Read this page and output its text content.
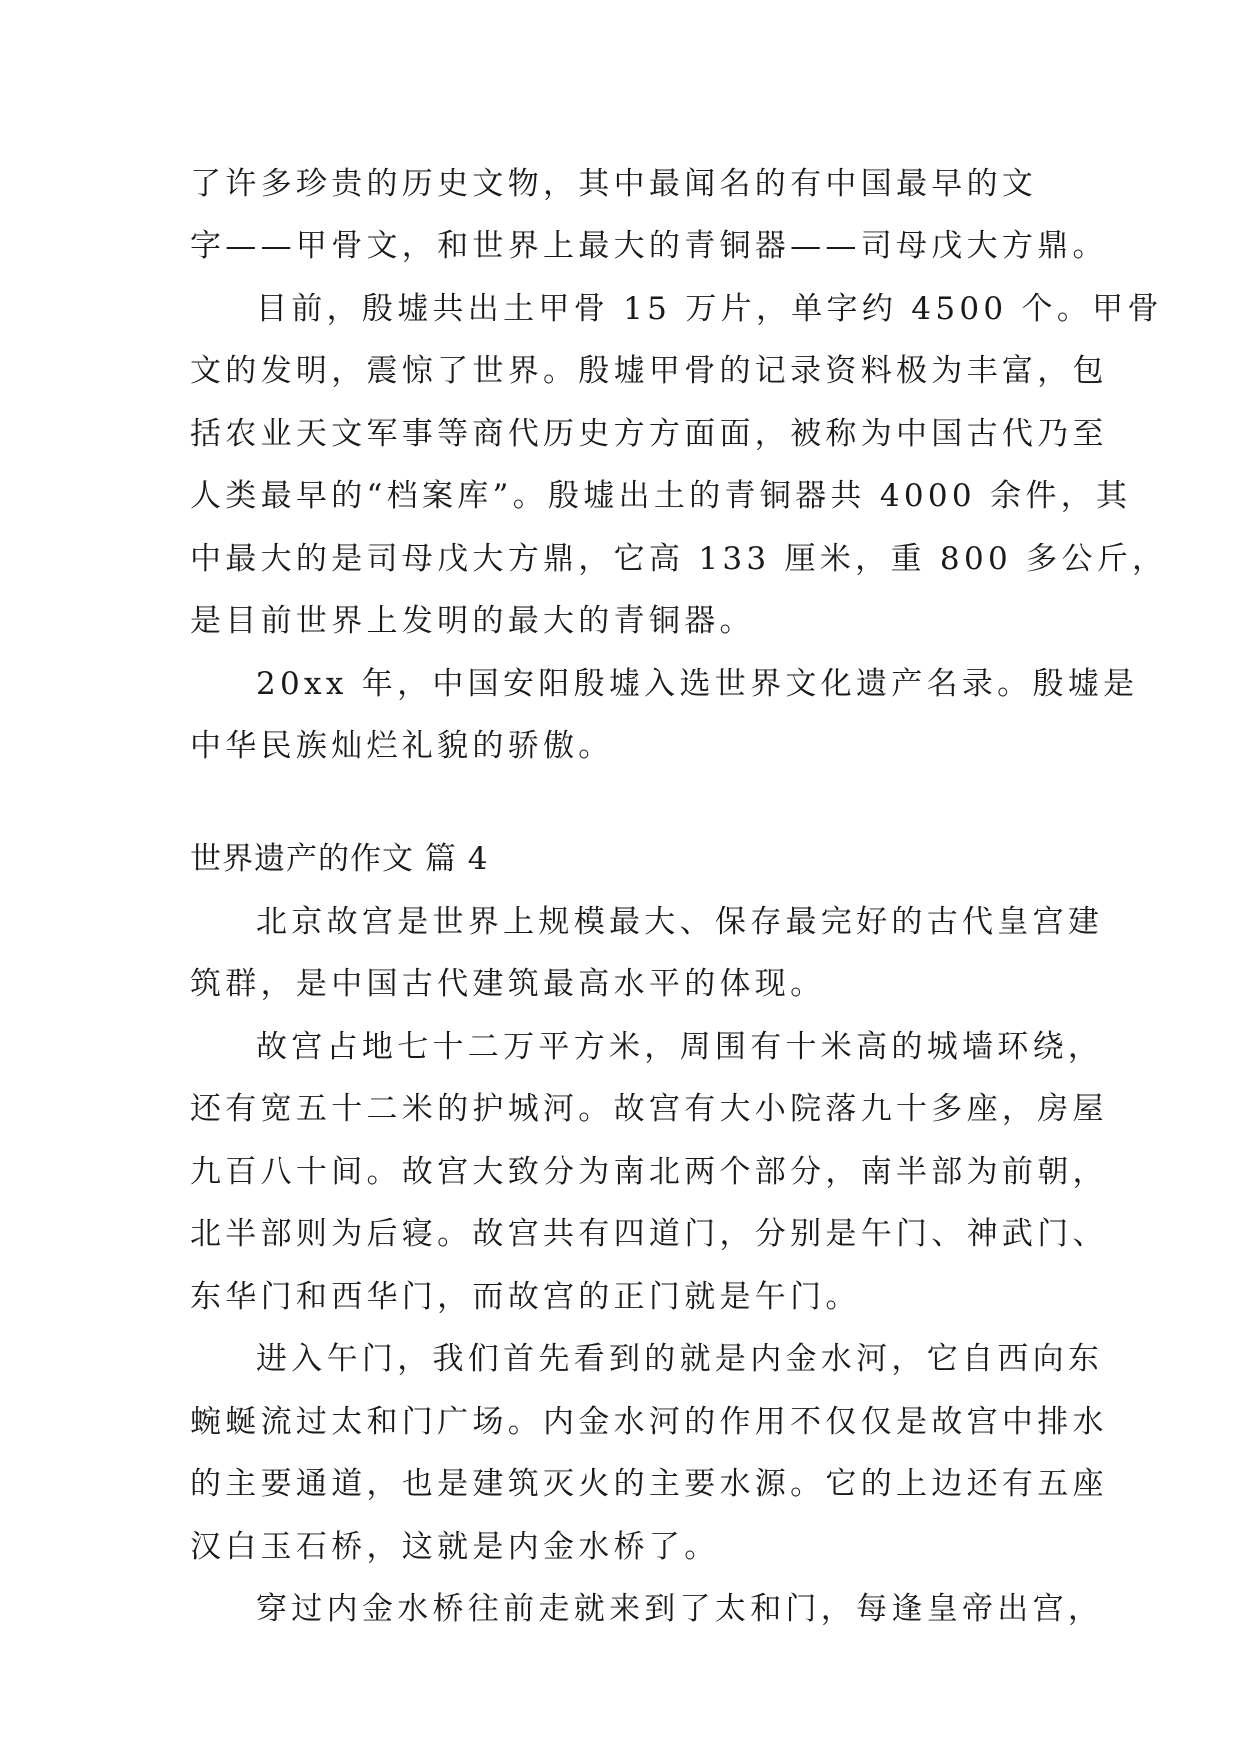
了许多珍贵的历史文物，其中最闻名的有中国最早的文
字——甲骨文，和世界上最大的青铜器——司母戊大方鼎。
目前，殷墟共出土甲骨 15 万片，单字约 4500 个。甲骨
文的发明，震惊了世界。殷墟甲骨的记录资料极为丰富，包
括农业天文军事等商代历史方方面面，被称为中国古代乃至
人类最早的“档案库”。殷墟出土的青铜器共 4000 余件，其
中最大的是司母戊大方鼎，它高 133 厘米，重 800 多公斤，
是目前世界上发明的最大的青铜器。
20xx 年，中国安阳殷墟入选世界文化遗产名录。殷墟是
中华民族灿烂礼貌的骄傲。
世界遗产的作文 篇 4
北京故宫是世界上规模最大、保存最完好的古代皇宫建
筑群，是中国古代建筑最高水平的体现。
故宫占地七十二万平方米，周围有十米高的城墙环绕，
还有宽五十二米的护城河。故宫有大小院落九十多座，房屋
九百八十间。故宫大致分为南北两个部分，南半部为前朝，
北半部则为后寝。故宫共有四道门，分别是午门、神武门、
东华门和西华门，而故宫的正门就是午门。
进入午门，我们首先看到的就是内金水河，它自西向东
蜿蜒流过太和门广场。内金水河的作用不仅仅是故宫中排水
的主要通道，也是建筑灭火的主要水源。它的上边还有五座
汉白玉石桥，这就是内金水桥了。
穿过内金水桥往前走就来到了太和门，每逢皇帝出宫，
